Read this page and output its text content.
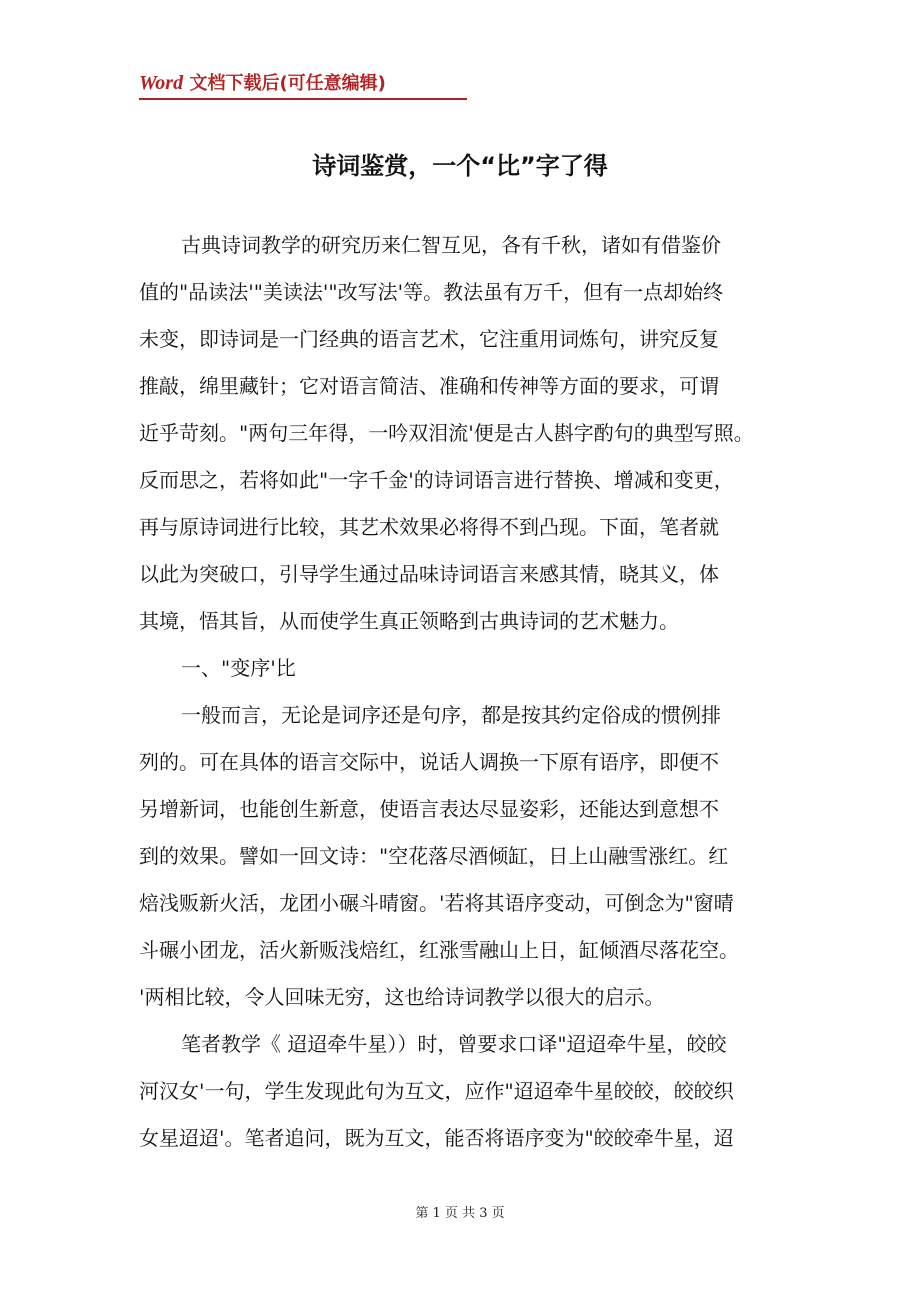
Word 文档下载后(可任意编辑)
诗词鉴赏，一个“比”字了得
古典诗词教学的研究历来仁智互见，各有千秋，诸如有借鉴价
值的"品读法'"美读法'"改写法'等。教法虽有万千，但有一点却始终
未变，即诗词是一门经典的语言艺术，它注重用词炼句，讲究反复
推敲，绵里藏针；它对语言简洁、准确和传神等方面的要求，可谓
近乎苛刻。"两句三年得，一吟双泪流'便是古人斟字酌句的典型写照。
反而思之，若将如此"一字千金'的诗词语言进行替换、增减和变更，
再与原诗词进行比较，其艺术效果必将得不到凸现。下面，笔者就
以此为突破口，引导学生通过品味诗词语言来感其情，晓其义，体
其境，悟其旨，从而使学生真正领略到古典诗词的艺术魅力。
一、"变序'比
一般而言，无论是词序还是句序，都是按其约定俗成的惯例排
列的。可在具体的语言交际中，说话人调换一下原有语序，即便不
另增新词，也能创生新意，使语言表达尽显姿彩，还能达到意想不
到的效果。譬如一回文诗："空花落尽酒倾缸，日上山融雪涨红。红
焙浅贩新火活，龙团小碾斗晴窗。'若将其语序变动，可倒念为"窗晴
斗碾小团龙，活火新贩浅焙红，红涨雪融山上日，缸倾酒尽落花空。
'两相比较，令人回味无穷，这也给诗词教学以很大的启示。
笔者教学《 迢迢牵牛星））时，曾要求口译"迢迢牵牛星，皎皎
河汉女'一句，学生发现此句为互文，应作"迢迢牵牛星皎皎，皎皎织
女星迢迢'。笔者追问，既为互文，能否将语序变为"皎皎牵牛星，迢
第 1 页 共 3 页
